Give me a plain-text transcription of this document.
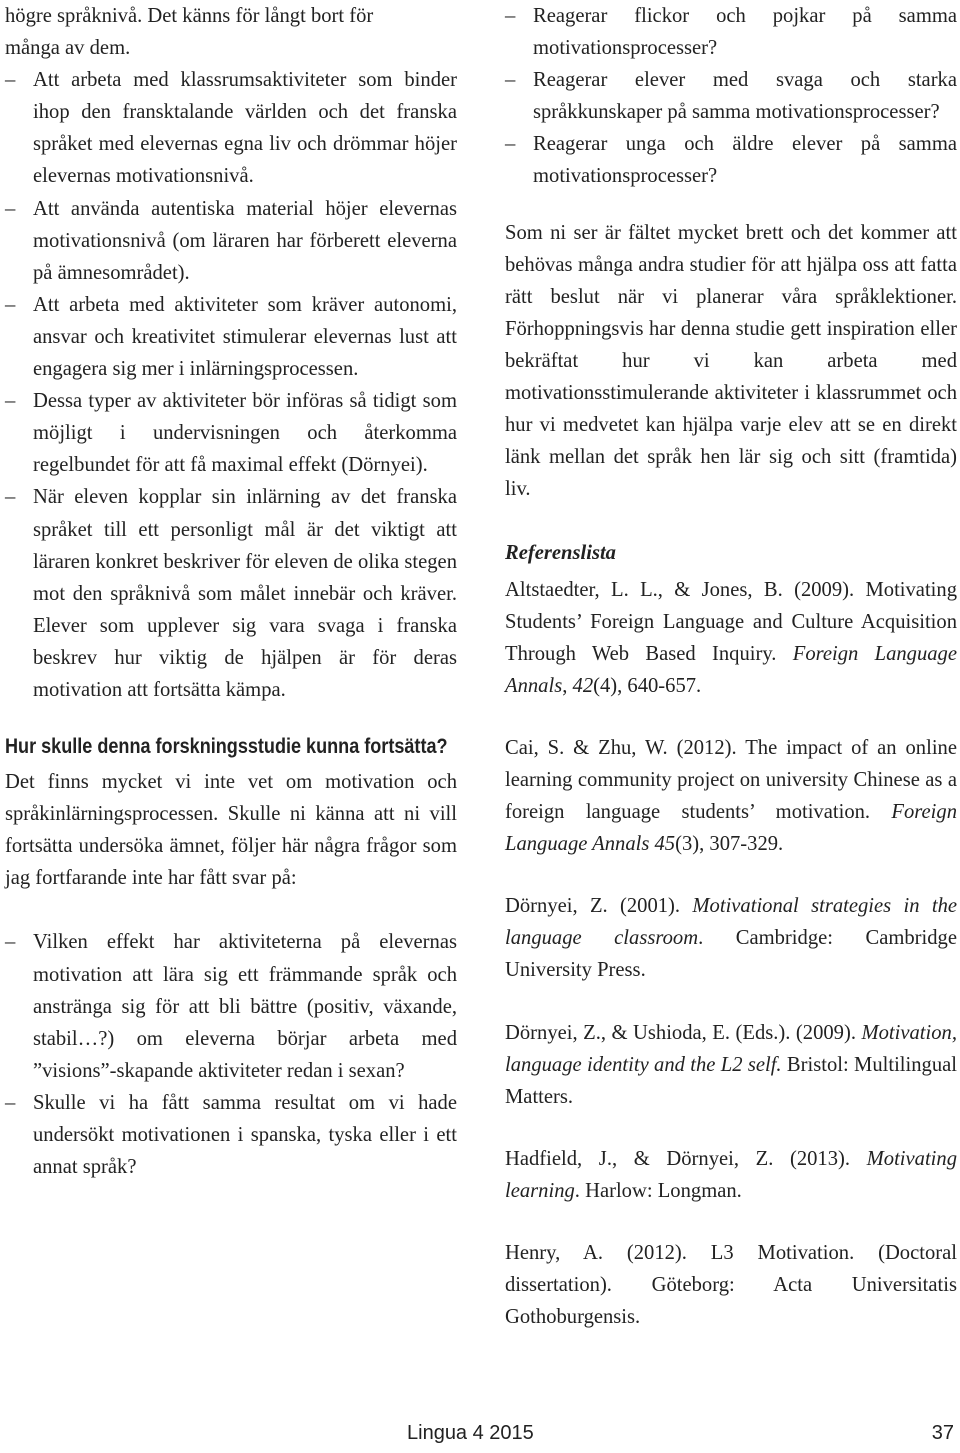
högre språknivå. Det känns för långt bort för
många av dem.

– Att arbeta med klassrumsaktiviteter som binder ihop den fransktalande världen och det franska språket med elevernas egna liv och drömmar höjer elevernas motivationsnivå.
– Att använda autentiska material höjer elevernas motivationsnivå (om läraren har förberett eleverna på ämnesområdet).
– Att arbeta med aktiviteter som kräver autonomi, ansvar och kreativitet stimulerar elevernas lust att engagera sig mer i inlärningsprocessen.
– Dessa typer av aktiviteter bör införas så tidigt som möjligt i undervisningen och återkomma regelbundet för att få maximal effekt (Dörnyei).
– När eleven kopplar sin inlärning av det franska språket till ett personligt mål är det viktigt att läraren konkret beskriver för eleven de olika stegen mot den språknivå som målet innebär och kräver. Elever som upplever sig vara svaga i franska beskrev hur viktig de hjälpen är för deras motivation att fortsätta kämpa.
Hur skulle denna forskningsstudie kunna fortsätta?

Det finns mycket vi inte vet om motivation och språkinlärningsprocessen. Skulle ni känna att ni vill fortsätta undersöka ämnet, följer här några frågor som jag fortfarande inte har fått svar på:

– Vilken effekt har aktiviteterna på elevernas motivation att lära sig ett främmande språk och anstränga sig för att bli bättre (positiv, växande, stabil…?) om eleverna börjar arbeta med ”visions”-skapande aktiviteter redan i sexan?
– Skulle vi ha fått samma resultat om vi hade undersökt motivationen i spanska, tyska eller i ett annat språk?
– Reagerar flickor och pojkar på samma motivationsprocesser?
– Reagerar elever med svaga och starka språkkunskaper på samma motivationsprocesser?
– Reagerar unga och äldre elever på samma motivationsprocesser?

Som ni ser är fältet mycket brett och det kommer att behövas många andra studier för att hjälpa oss att fatta rätt beslut när vi planerar våra språklektioner. Förhoppningsvis har denna studie gett inspiration eller bekräftat hur vi kan arbeta med motivationsstimulerande aktiviteter i klassrummet och hur vi medvetet kan hjälpa varje elev att se en direkt länk mellan det språk hen lär sig och sitt (framtida) liv.

Referenslista

Altstaedter, L. L., & Jones, B. (2009). Motivating Students’ Foreign Language and Culture Acquisition Through Web Based Inquiry. Foreign Language Annals, 42(4), 640-657.

Cai, S. & Zhu, W. (2012). The impact of an online learning community project on university Chinese as a foreign language students’ motivation. Foreign Language Annals 45(3), 307-329.

Dörnyei, Z. (2001). Motivational strategies in the language classroom. Cambridge: Cambridge University Press.

Dörnyei, Z., & Ushioda, E. (Eds.). (2009). Motivation, language identity and the L2 self. Bristol: Multilingual Matters.

Hadfield, J., & Dörnyei, Z. (2013). Motivating learning. Harlow: Longman.

Henry, A. (2012). L3 Motivation. (Doctoral dissertation). Göteborg: Acta Universitatis Gothoburgensis.

Lingua 4 2015	37
